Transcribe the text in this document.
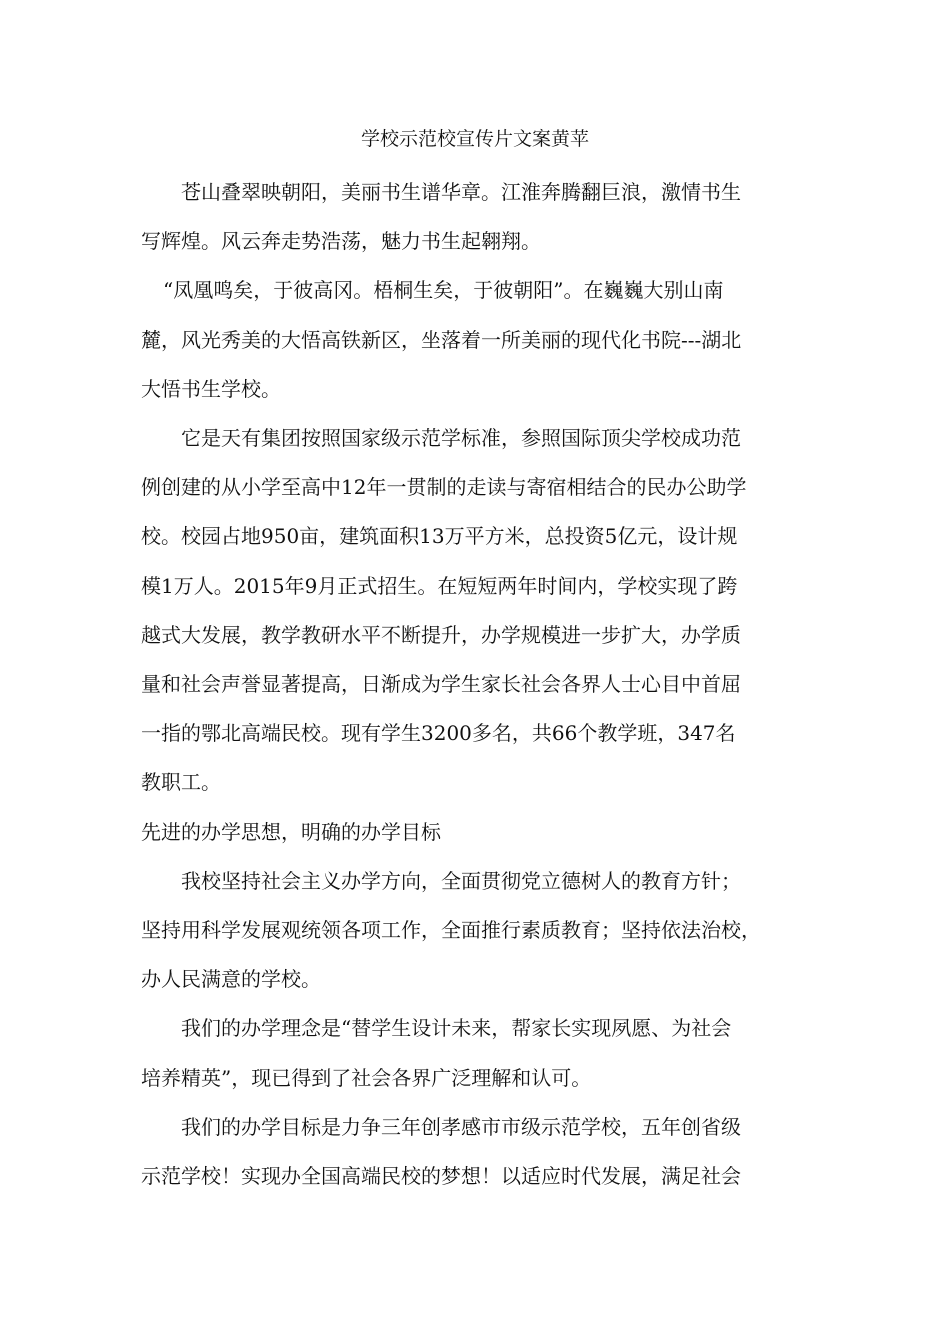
学校示范校宣传片文案黄苹

苍山叠翠映朝阳，美丽书生谱华章。江淮奔腾翻巨浪，激情书生
写辉煌。风云奔走势浩荡，魅力书生起翱翔。

“凤凰鸣矣，于彼高冈。梧桐生矣，于彼朝阳”。在巍巍大别山南
麓，风光秀美的大悟高铁新区，坐落着一所美丽的现代化书院---湖北
大悟书生学校。

它是天有集团按照国家级示范学标准，参照国际顶尖学校成功范
例创建的从小学至高中12年一贯制的走读与寄宿相结合的民办公助学
校。校园占地950亩，建筑面积13万平方米，总投资5亿元，设计规
模1万人。2015年9月正式招生。在短短两年时间内，学校实现了跨
越式大发展，教学教研水平不断提升，办学规模进一步扩大，办学质
量和社会声誉显著提高，日渐成为学生家长社会各界人士心目中首屈
一指的鄂北高端民校。现有学生3200多名，共66个教学班，347名
教职工。

先进的办学思想，明确的办学目标

我校坚持社会主义办学方向，全面贯彻党立德树人的教育方针；
坚持用科学发展观统领各项工作，全面推行素质教育；坚持依法治校，
办人民满意的学校。

我们的办学理念是“替学生设计未来，帮家长实现夙愿、为社会
培养精英”，现已得到了社会各界广泛理解和认可。

我们的办学目标是力争三年创孝感市市级示范学校，五年创省级
示范学校！实现办全国高端民校的梦想！以适应时代发展，满足社会
